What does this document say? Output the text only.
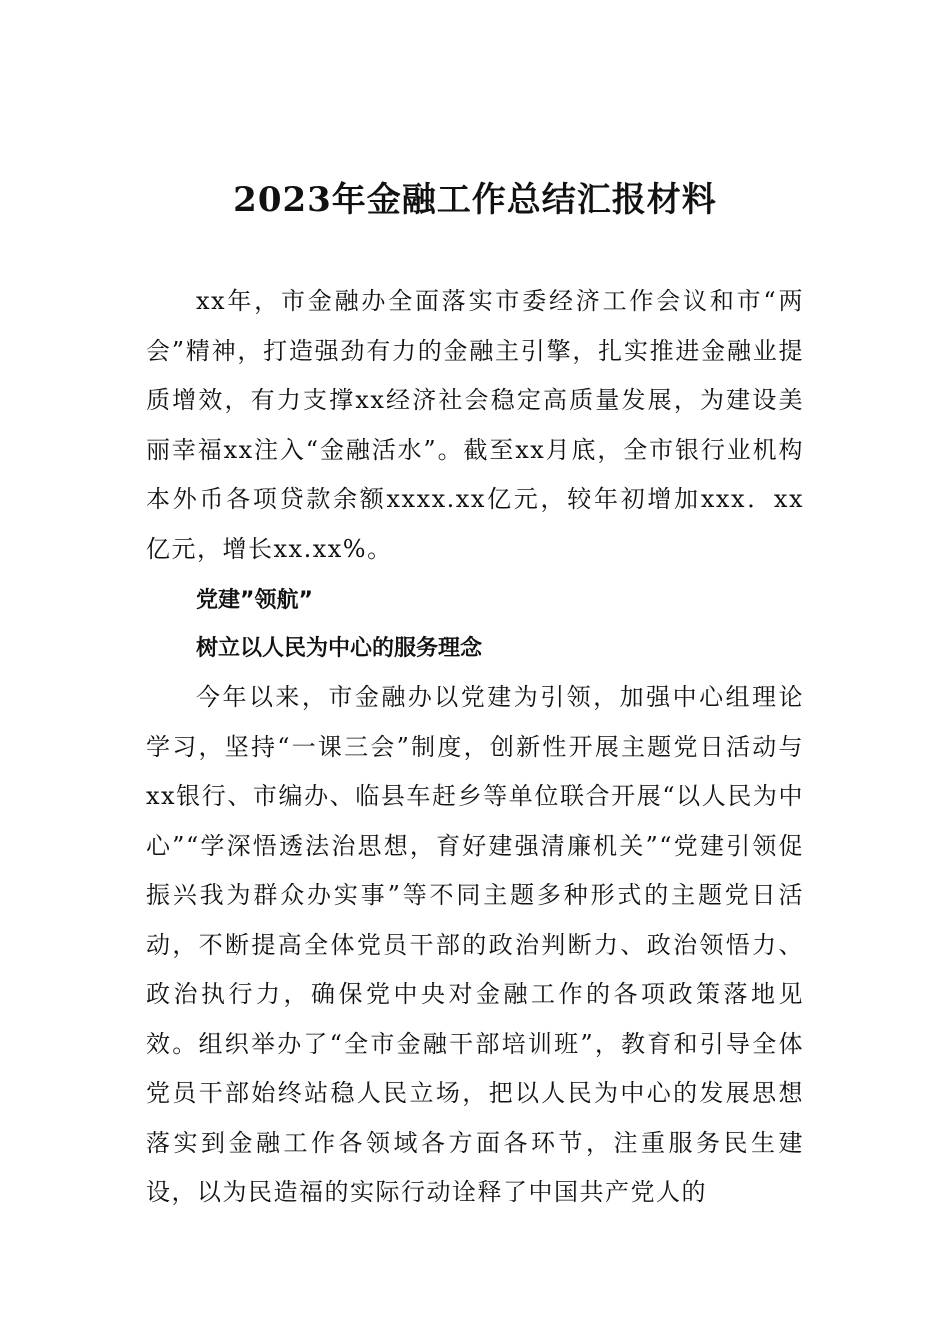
2023年金融工作总结汇报材料

xx年，市金融办全面落实市委经济工作会议和市“两会”精神，打造强劲有力的金融主引擎，扎实推进金融业提质增效，有力支撑xx经济社会稳定高质量发展，为建设美丽幸福xx注入“金融活水”。截至xx月底，全市银行业机构本外币各项贷款余额xxxx.xx亿元，较年初增加xxx．xx亿元，增长xx.xx%。

党建”领航”

树立以人民为中心的服务理念

今年以来，市金融办以党建为引领，加强中心组理论学习，坚持“一课三会”制度，创新性开展主题党日活动与xx银行、市编办、临县车赶乡等单位联合开展“以人民为中心”“学深悟透法治思想，育好建强清廉机关”“党建引领促振兴我为群众办实事”等不同主题多种形式的主题党日活动，不断提高全体党员干部的政治判断力、政治领悟力、政治执行力，确保党中央对金融工作的各项政策落地见效。组织举办了“全市金融干部培训班”，教育和引导全体党员干部始终站稳人民立场，把以人民为中心的发展思想落实到金融工作各领域各方面各环节，注重服务民生建设，以为民造福的实际行动诠释了中国共产党人的
